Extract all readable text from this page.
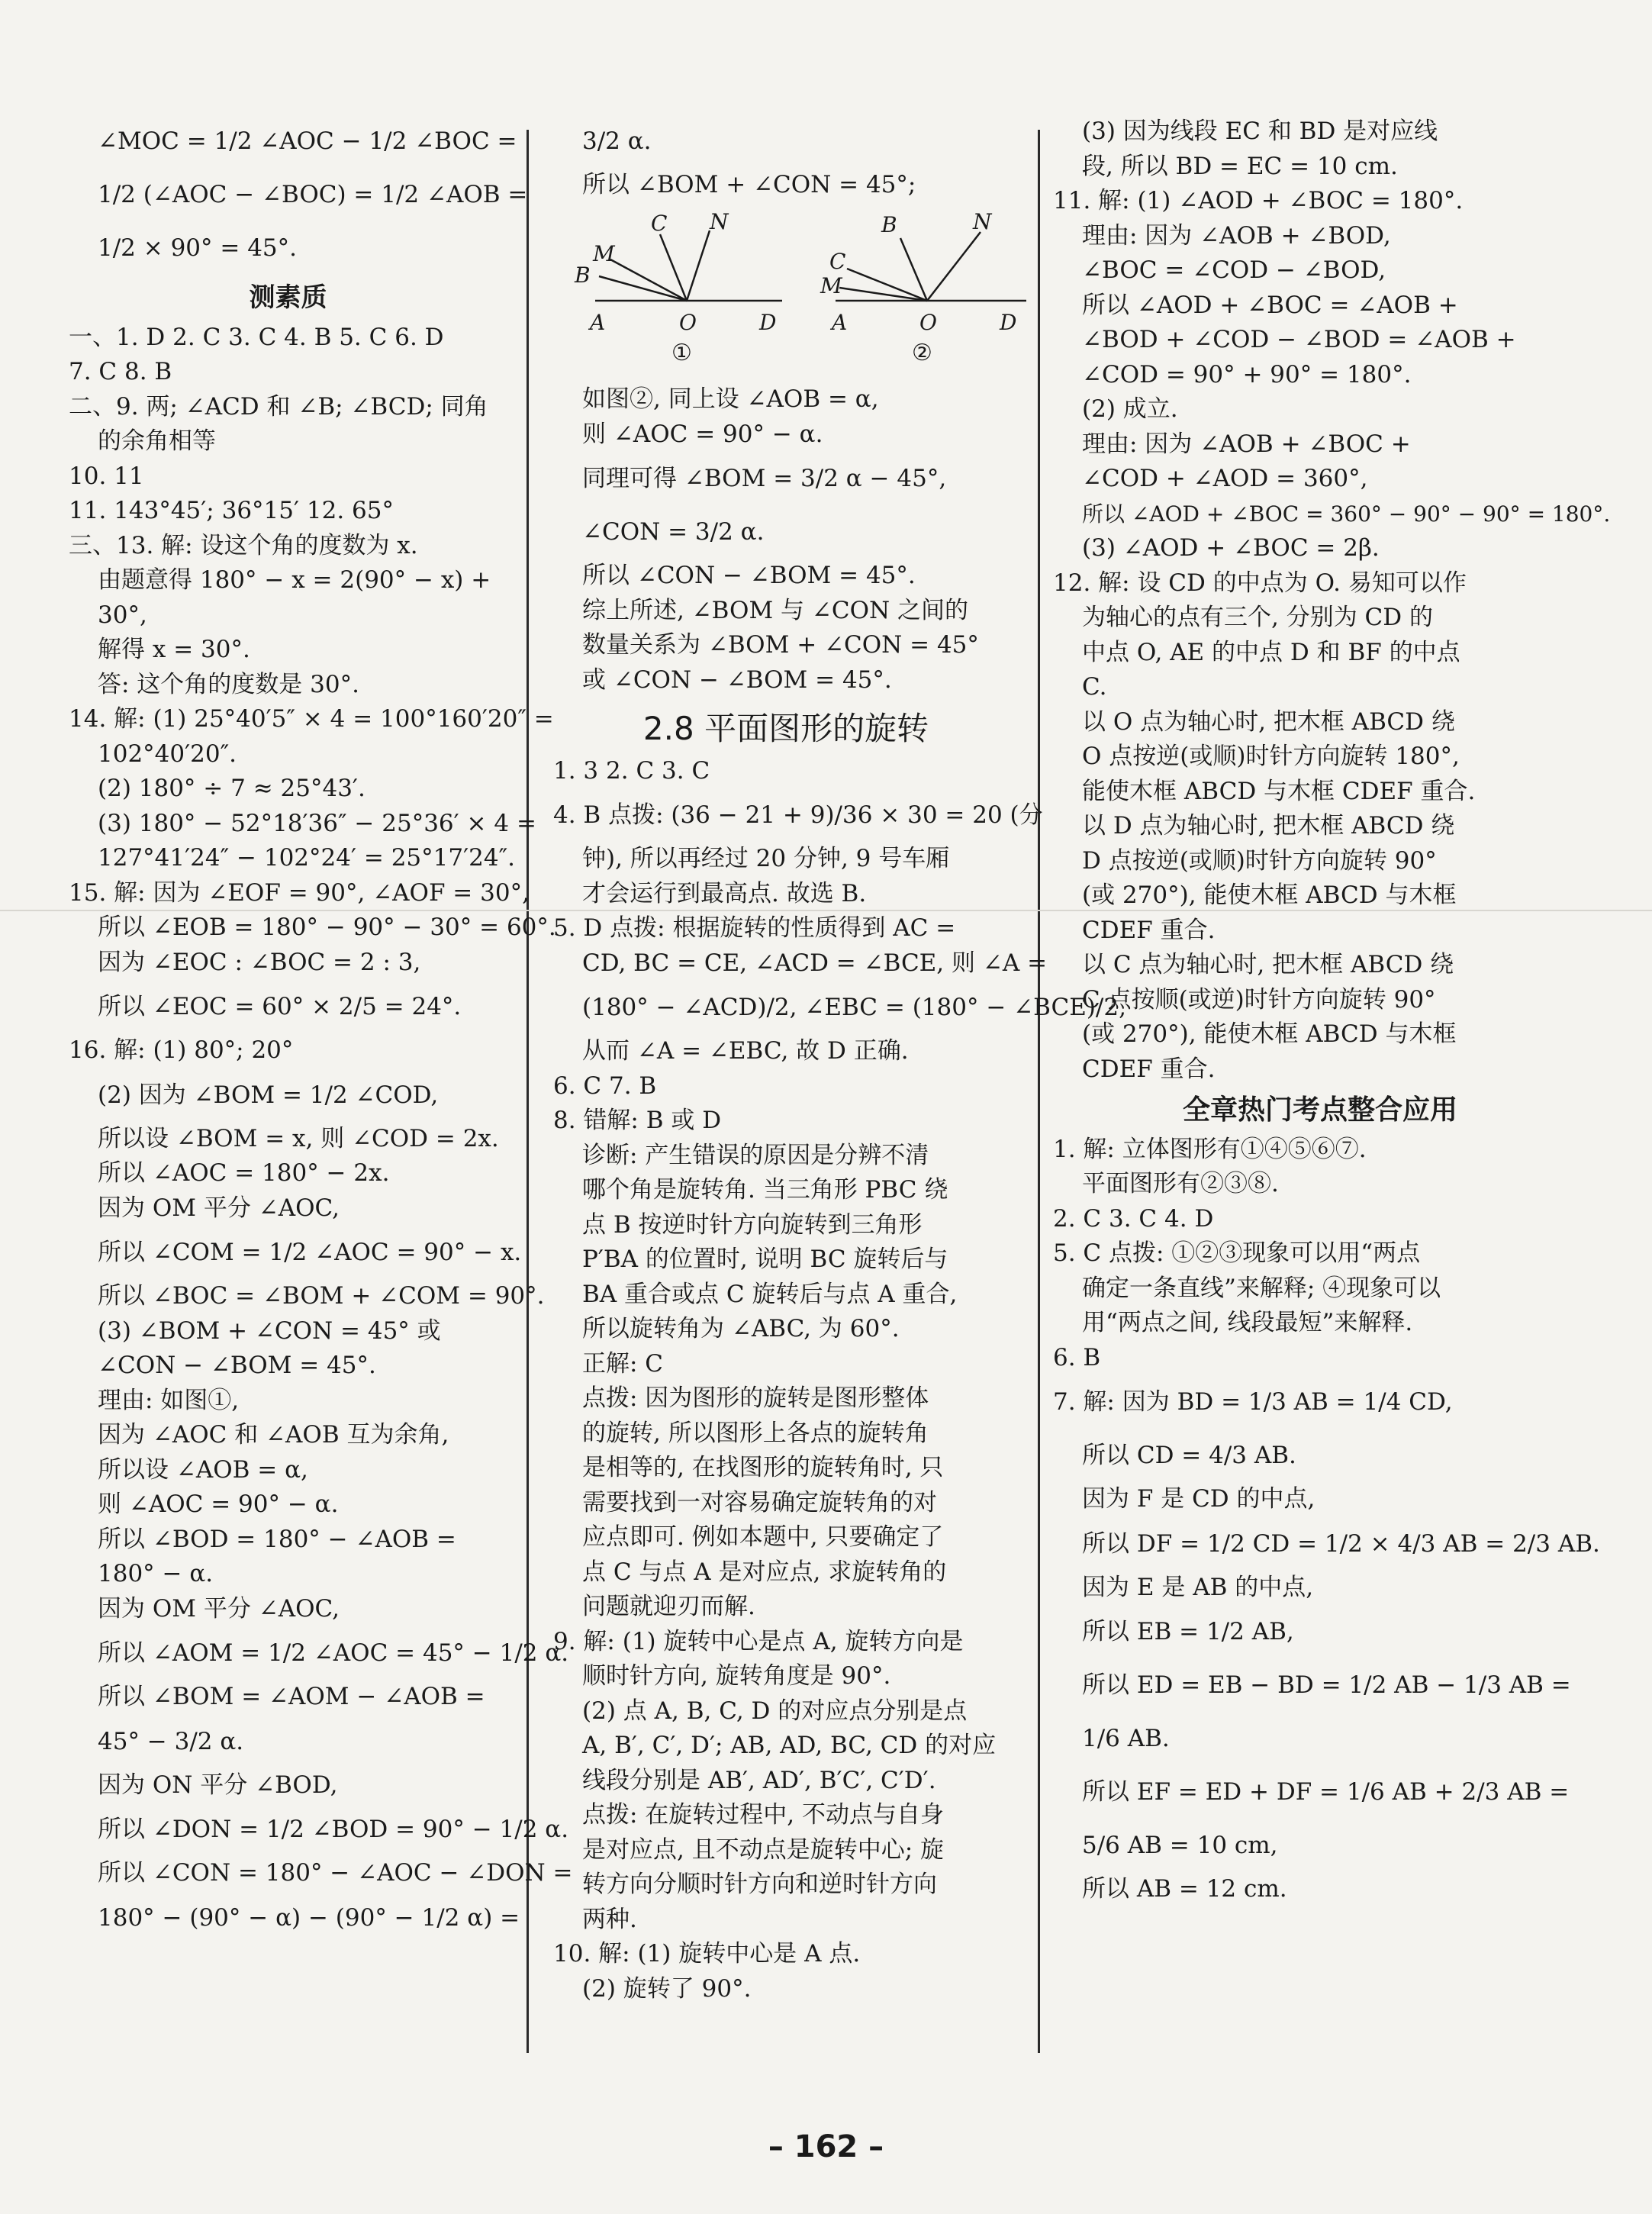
∠MOC = 1/2 ∠AOC − 1/2 ∠BOC =
1/2 (∠AOC − ∠BOC) = 1/2 ∠AOB =
1/2 × 90° = 45°.
测素质
一、1. D 2. C 3. C 4. B 5. C 6. D
7. C 8. B
二、9. 两; ∠ACD 和 ∠B; ∠BCD; 同角
的余角相等
10. 11
11. 143°45′; 36°15′ 12. 65°
三、13. 解: 设这个角的度数为 x.
由题意得 180° − x = 2(90° − x) +
30°,
解得 x = 30°.
答: 这个角的度数是 30°.
14. 解: (1) 25°40′5″ × 4 = 100°160′20″ =
102°40′20″.
(2) 180° ÷ 7 ≈ 25°43′.
(3) 180° − 52°18′36″ − 25°36′ × 4 =
127°41′24″ − 102°24′ = 25°17′24″.
15. 解: 因为 ∠EOF = 90°, ∠AOF = 30°,
所以 ∠EOB = 180° − 90° − 30° = 60°.
因为 ∠EOC : ∠BOC = 2 : 3,
所以 ∠EOC = 60° × 2/5 = 24°.
16. 解: (1) 80°; 20°
(2) 因为 ∠BOM = 1/2 ∠COD,
所以设 ∠BOM = x, 则 ∠COD = 2x.
所以 ∠AOC = 180° − 2x.
因为 OM 平分 ∠AOC,
所以 ∠COM = 1/2 ∠AOC = 90° − x.
所以 ∠BOC = ∠BOM + ∠COM = 90°.
(3) ∠BOM + ∠CON = 45° 或
∠CON − ∠BOM = 45°.
理由: 如图①,
因为 ∠AOC 和 ∠AOB 互为余角,
所以设 ∠AOB = α,
则 ∠AOC = 90° − α.
所以 ∠BOD = 180° − ∠AOB =
180° − α.
因为 OM 平分 ∠AOC,
所以 ∠AOM = 1/2 ∠AOC = 45° − 1/2 α.
所以 ∠BOM = ∠AOM − ∠AOB =
45° − 3/2 α.
因为 ON 平分 ∠BOD,
所以 ∠DON = 1/2 ∠BOD = 90° − 1/2 α.
所以 ∠CON = 180° − ∠AOC − ∠DON =
180° − (90° − α) − (90° − 1/2 α) =
3/2 α.
所以 ∠BOM + ∠CON = 45°;
C N
M
B
A	O	D
B	N
C
M
A	O	D
①	②
如图②, 同上设 ∠AOB = α,
则 ∠AOC = 90° − α.
同理可得 ∠BOM = 3/2 α − 45°,
∠CON = 3/2 α.
所以 ∠CON − ∠BOM = 45°.
综上所述, ∠BOM 与 ∠CON 之间的
数量关系为 ∠BOM + ∠CON = 45°
或 ∠CON − ∠BOM = 45°.
2.8 平面图形的旋转
1. 3 2. C 3. C
4. B 点拨: (36 − 21 + 9)/36 × 30 = 20 (分
钟), 所以再经过 20 分钟, 9 号车厢
才会运行到最高点. 故选 B.
5. D 点拨: 根据旋转的性质得到 AC =
CD, BC = CE, ∠ACD = ∠BCE, 则 ∠A =
(180° − ∠ACD)/2, ∠EBC = (180° − ∠BCE)/2,
从而 ∠A = ∠EBC, 故 D 正确.
6. C 7. B
8. 错解: B 或 D
诊断: 产生错误的原因是分辨不清
哪个角是旋转角. 当三角形 PBC 绕
点 B 按逆时针方向旋转到三角形
P′BA 的位置时, 说明 BC 旋转后与
BA 重合或点 C 旋转后与点 A 重合,
所以旋转角为 ∠ABC, 为 60°.
正解: C
点拨: 因为图形的旋转是图形整体
的旋转, 所以图形上各点的旋转角
是相等的, 在找图形的旋转角时, 只
需要找到一对容易确定旋转角的对
应点即可. 例如本题中, 只要确定了
点 C 与点 A 是对应点, 求旋转角的
问题就迎刃而解.
9. 解: (1) 旋转中心是点 A, 旋转方向是
顺时针方向, 旋转角度是 90°.
(2) 点 A, B, C, D 的对应点分别是点
A, B′, C′, D′; AB, AD, BC, CD 的对应
线段分别是 AB′, AD′, B′C′, C′D′.
点拨: 在旋转过程中, 不动点与自身
是对应点, 且不动点是旋转中心; 旋
转方向分顺时针方向和逆时针方向
两种.
10. 解: (1) 旋转中心是 A 点.
(2) 旋转了 90°.
(3) 因为线段 EC 和 BD 是对应线
段, 所以 BD = EC = 10 cm.
11. 解: (1) ∠AOD + ∠BOC = 180°.
理由: 因为 ∠AOB + ∠BOD,
∠BOC = ∠COD − ∠BOD,
所以 ∠AOD + ∠BOC = ∠AOB +
∠BOD + ∠COD − ∠BOD = ∠AOB +
∠COD = 90° + 90° = 180°.
(2) 成立.
理由: 因为 ∠AOB + ∠BOC +
∠COD + ∠AOD = 360°,
所以 ∠AOD + ∠BOC = 360° − 90° − 90° = 180°.
(3) ∠AOD + ∠BOC = 2β.
12. 解: 设 CD 的中点为 O. 易知可以作
为轴心的点有三个, 分别为 CD 的
中点 O, AE 的中点 D 和 BF 的中点
C.
以 O 点为轴心时, 把木框 ABCD 绕
O 点按逆(或顺)时针方向旋转 180°,
能使木框 ABCD 与木框 CDEF 重合.
以 D 点为轴心时, 把木框 ABCD 绕
D 点按逆(或顺)时针方向旋转 90°
(或 270°), 能使木框 ABCD 与木框
CDEF 重合.
以 C 点为轴心时, 把木框 ABCD 绕
C 点按顺(或逆)时针方向旋转 90°
(或 270°), 能使木框 ABCD 与木框
CDEF 重合.
全章热门考点整合应用
1. 解: 立体图形有①④⑤⑥⑦.
平面图形有②③⑧.
2. C 3. C 4. D
5. C 点拨: ①②③现象可以用“两点
确定一条直线”来解释; ④现象可以
用“两点之间, 线段最短”来解释.
6. B
7. 解: 因为 BD = 1/3 AB = 1/4 CD,
所以 CD = 4/3 AB.
因为 F 是 CD 的中点,
所以 DF = 1/2 CD = 1/2 × 4/3 AB = 2/3 AB.
因为 E 是 AB 的中点,
所以 EB = 1/2 AB,
所以 ED = EB − BD = 1/2 AB − 1/3 AB =
1/6 AB.
所以 EF = ED + DF = 1/6 AB + 2/3 AB =
5/6 AB = 10 cm,
所以 AB = 12 cm.
– 162 –
